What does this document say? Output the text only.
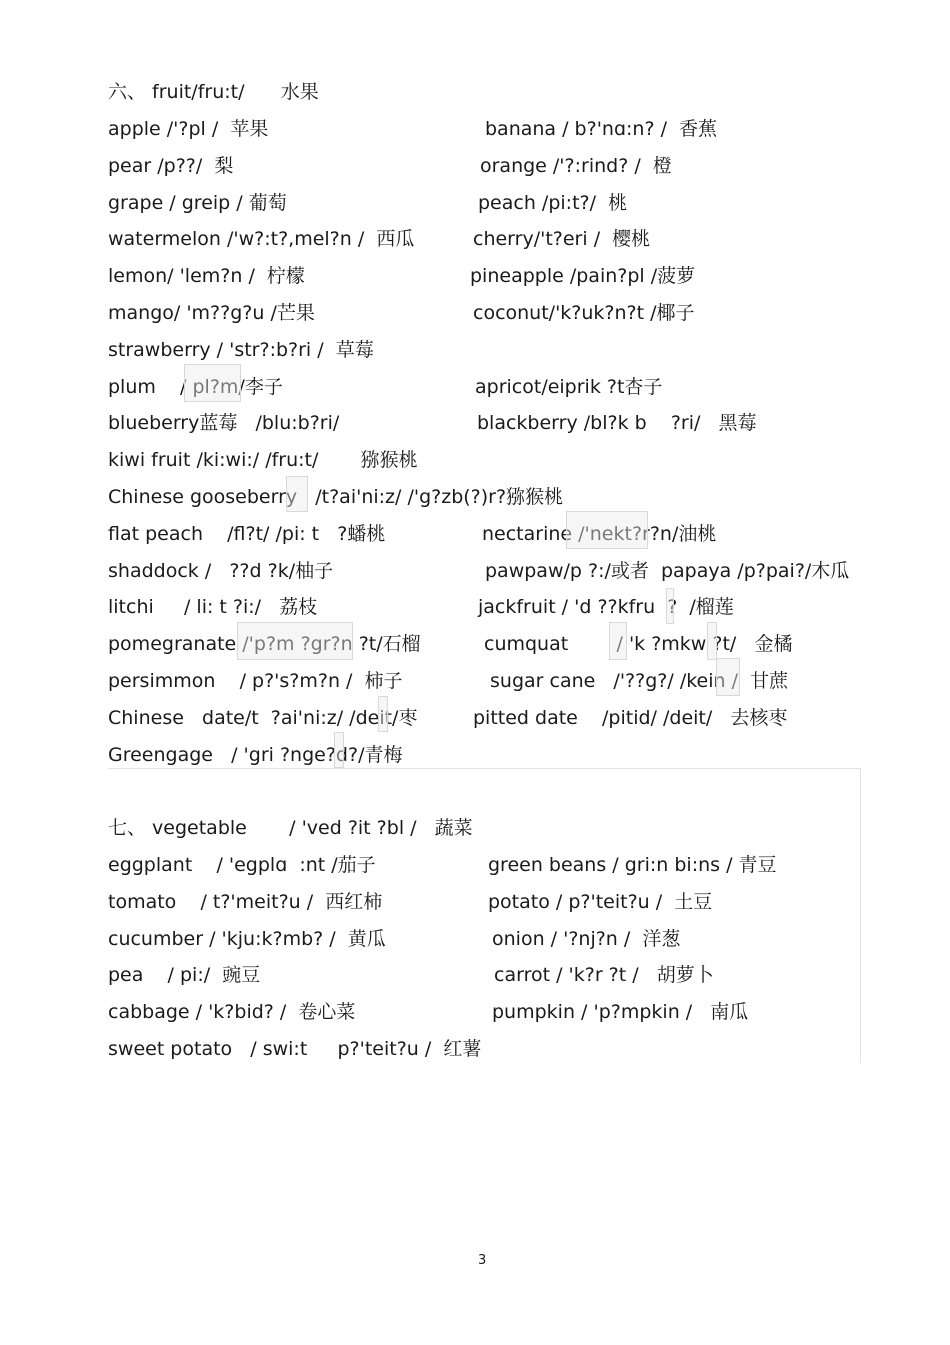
六、 fruit/fru:t/      水果
apple /'?pl /  苹果	banana / b?'nɑ:n? /  香蕉
pear /p??/  梨	orange /'?:rind? /  橙
grape / greip / 葡萄	peach /pi:t?/  桃
watermelon /'w?:t?,mel?n /  西瓜	cherry/'t?eri /  樱桃
lemon/ 'lem?n /  柠檬	pineapple /pain?pl /菠萝
mango/ 'm??g?u /芒果	coconut/'k?uk?n?t /椰子
strawberry / 'str?:b?ri /  草莓
plum    / pl?m/李子	apricot/eiprik ?t杏子
blueberry蓝莓   /blu:b?ri/	blackberry /bl?k b    ?ri/   黑莓
kiwi fruit /ki:wi:/ /fru:t/       猕猴桃
Chinese gooseberry   /t?ai'ni:z/ /'g?zb(?)r?猕猴桃
flat peach    /fl?t/ /pi: t   ?蟠桃	nectarine /'nekt?r?n/油桃
shaddock /   ??d ?k/柚子	pawpaw/p ?:/或者  papaya /p?pai?/木瓜
litchi     / li: t ?i:/   荔枝	jackfruit / 'd ??kfru  ?  /榴莲
pomegranate /'p?m ?gr?n ?t/石榴	cumquat        / 'k ?mkw ?t/   金橘
persimmon    / p?'s?m?n /  柿子	sugar cane   /'??g?/ /kein /  甘蔗
Chinese   date/t  ?ai'ni:z/ /deit/枣	pitted date    /pitid/ /deit/   去核枣
Greengage   / 'gri ?nge?d?/青梅
七、 vegetable       / 'ved ?it ?bl /   蔬菜
eggplant    / 'egplɑ  :nt /茄子	green beans / gri:n bi:ns / 青豆
tomato    / t?'meit?u /  西红柿	potato / p?'teit?u /  土豆
cucumber / 'kju:k?mb? /  黄瓜	onion / '?nj?n /  洋葱
pea    / pi:/  豌豆	carrot / 'k?r ?t /   胡萝卜
cabbage / 'k?bid? /  卷心菜	pumpkin / 'p?mpkin /   南瓜
sweet potato   / swi:t     p?'teit?u /  红薯
3
